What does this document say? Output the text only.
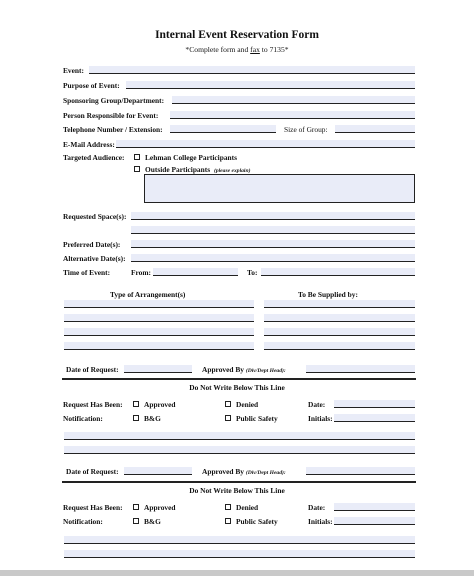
Internal Event Reservation Form
*Complete form and fax to 7135*
Event:
Purpose of Event:
Sponsoring Group/Department:
Person Responsible for Event:
Telephone Number / Extension:	Size of Group:
E-Mail Address:
Targeted Audience:	Lehman College Participants
Outside Participants (please explain)
Requested Space(s):
Preferred Date(s):
Alternative Date(s):
Time of Event:	From:	To:
Type of Arrangement(s)	To Be Supplied by:
Date of Request:	Approved By (Div/Dept Head):
Do Not Write Below This Line
Request Has Been:	Approved	Denied	Date:
Notification:	B&G	Public Safety	Initials:
Date of Request:	Approved By (Div/Dept Head):
Do Not Write Below This Line
Request Has Been:	Approved	Denied	Date:
Notification:	B&G	Public Safety	Initials:
